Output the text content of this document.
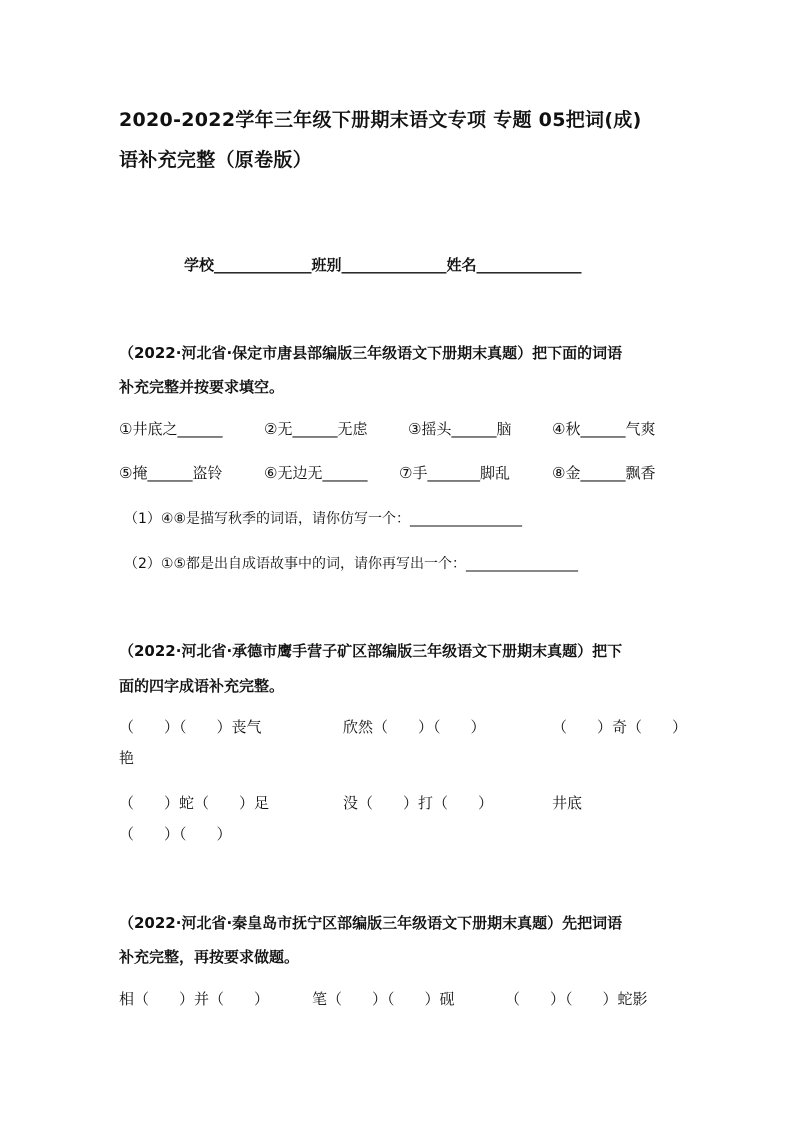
2020-2022学年三年级下册期末语文专项 专题 05把词(成)
语补充完整（原卷版）
学校_____________班别______________姓名______________
（2022·河北省·保定市唐县部编版三年级语文下册期末真题）把下面的词语
补充完整并按要求填空。
①井底之______	②无______无虑	③摇头______脑	④秋______气爽
⑤掩______盗铃	⑥无边无______ ⑦手_______脚乱	⑧金______飘香
（1）④⑧是描写秋季的词语，请你仿写一个：________________
（2）①⑤都是出自成语故事中的词，请你再写出一个：________________
（2022·河北省·承德市鹰手营子矿区部编版三年级语文下册期末真题）把下
面的四字成语补充完整。
（　　）（　　）丧气	欣然（　　）（　　）	（　　）奇（　　）
艳
（　　）蛇（　　）足	没（　　）打（　　）	井底
（　　）（　　）
（2022·河北省·秦皇岛市抚宁区部编版三年级语文下册期末真题）先把词语
补充完整，再按要求做题。
相（　　）并（　　）	笔（　　）（　　）砚	（　　）（　　）蛇影
